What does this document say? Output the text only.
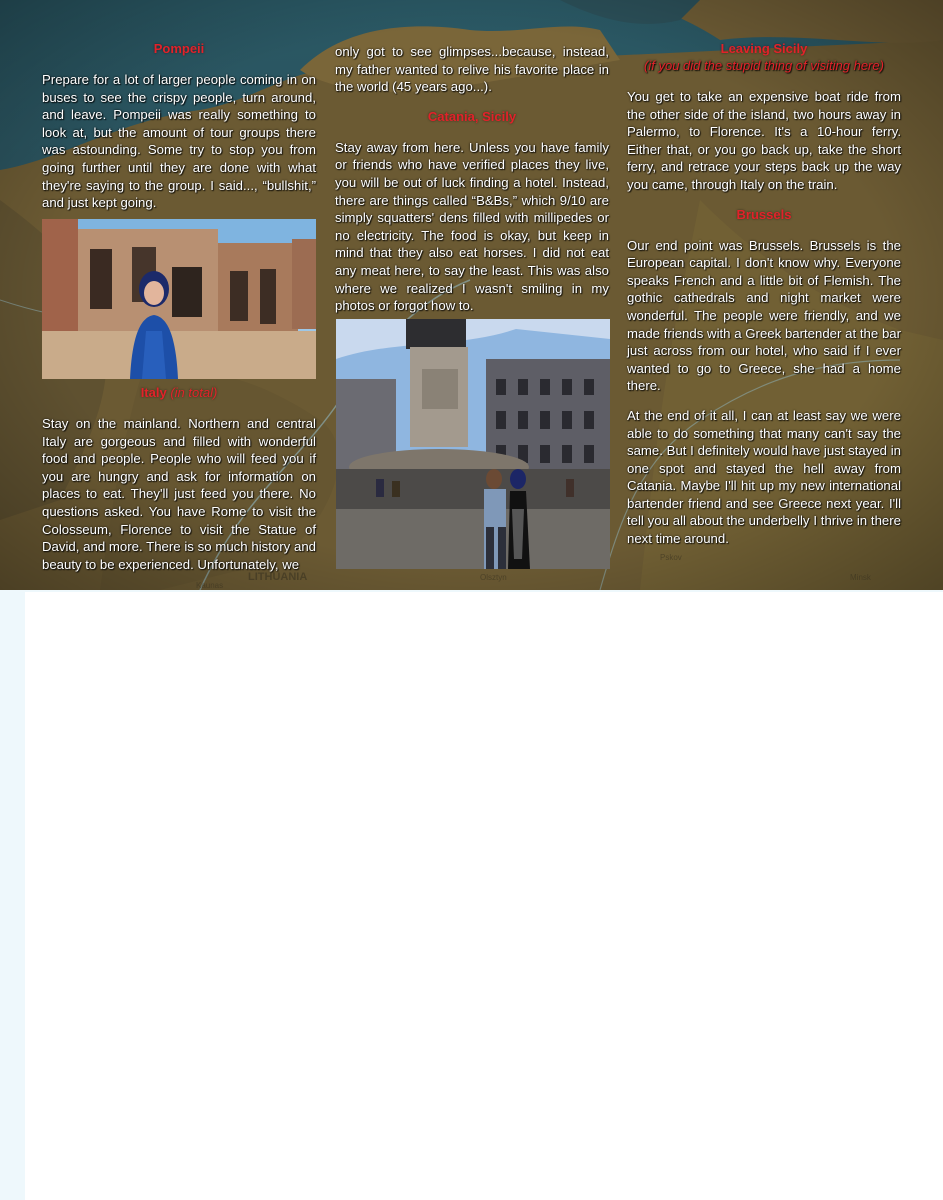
LITHUANIA
Kaunas
Olsztyn
Pskov
Minsk
Pompeii

Prepare for a lot of larger people coming in on buses to see the crispy people, turn around, and leave. Pompeii was really something to look at, but the amount of tour groups there was astounding. Some try to stop you from going further until they are done with what they're saying to the group. I said..., “bullshit,” and just kept going.

Italy (in total)

Stay on the mainland. Northern and central Italy are gorgeous and filled with wonderful food and people. People who will feed you if you are hungry and ask for information on places to eat. They'll just feed you there. No questions asked. You have Rome to visit the Colosseum, Florence to visit the Statue of David, and more. There is so much history and beauty to be experienced. Unfortunately, we

only got to see glimpses...because, instead, my father wanted to relive his favorite place in the world (45 years ago...).

Catania, Sicily

Stay away from here. Unless you have family or friends who have verified places they live, you will be out of luck finding a hotel. Instead, there are things called “B&Bs,” which 9/10 are simply squatters' dens filled with millipedes or no electricity. The food is okay, but keep in mind that they also eat horses. I did not eat any meat here, to say the least. This was also where we realized I wasn't smiling in my photos or forgot how to.

Leaving Sicily
(if you did the stupid thing of visiting here)

You get to take an expensive boat ride from the other side of the island, two hours away in Palermo, to Florence. It's a 10-hour ferry. Either that, or you go back up, take the short ferry, and retrace your steps back up the way you came, through Italy on the train.

Brussels

Our end point was Brussels. Brussels is the European capital. I don't know why. Everyone speaks French and a little bit of Flemish. The gothic cathedrals and night market were wonderful. The people were friendly, and we made friends with a Greek bartender at the bar just across from our hotel, who said if I ever wanted to go to Greece, she had a home there.

At the end of it all, I can at least say we were able to do something that many can't say the same. But I definitely would have just stayed in one spot and stayed the hell away from Catania. Maybe I'll hit up my new international bartender friend and see Greece next year. I'll tell you all about the underbelly I thrive in there next time around.
